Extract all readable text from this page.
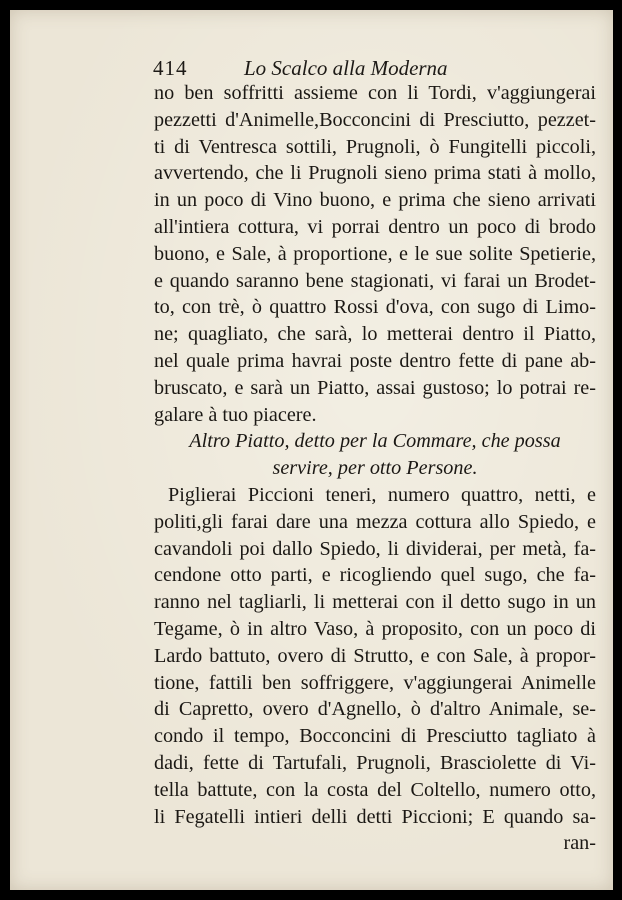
414	Lo Scalco alla Moderna
no ben soffritti assieme con li Tordi, v'aggiungerai
pezzetti d'Animelle,Bocconcini di Presciutto, pezzet-
ti di Ventresca sottili, Prugnoli, ò Fungitelli piccoli,
avvertendo, che li Prugnoli sieno prima stati à mollo,
in un poco di Vino buono, e prima che sieno arrivati
all'intiera cottura, vi porrai dentro un poco di brodo
buono, e Sale, à proportione, e le sue solite Spetierie,
e quando saranno bene stagionati, vi farai un Brodet-
to, con trè, ò quattro Rossi d'ova, con sugo di Limo-
ne; quagliato, che sarà, lo metterai dentro il Piatto,
nel quale prima havrai poste dentro fette di pane ab-
bruscato, e sarà un Piatto, assai gustoso; lo potrai re-
galare à tuo piacere.
Altro Piatto, detto per la Commare, che possa
servire, per otto Persone.
Piglierai Piccioni teneri, numero quattro, netti, e
politi,gli farai dare una mezza cottura allo Spiedo, e
cavandoli poi dallo Spiedo, li dividerai, per metà, fa-
cendone otto parti, e ricogliendo quel sugo, che fa-
ranno nel tagliarli, li metterai con il detto sugo in un
Tegame, ò in altro Vaso, à proposito, con un poco di
Lardo battuto, overo di Strutto, e con Sale, à propor-
tione, fattili ben soffriggere, v'aggiungerai Animelle
di Capretto, overo d'Agnello, ò d'altro Animale, se-
condo il tempo, Bocconcini di Presciutto tagliato à
dadi, fette di Tartufali, Prugnoli, Brasciolette di Vi-
tella battute, con la costa del Coltello, numero otto,
li Fegatelli intieri delli detti Piccioni; E quando sa-
ran-
